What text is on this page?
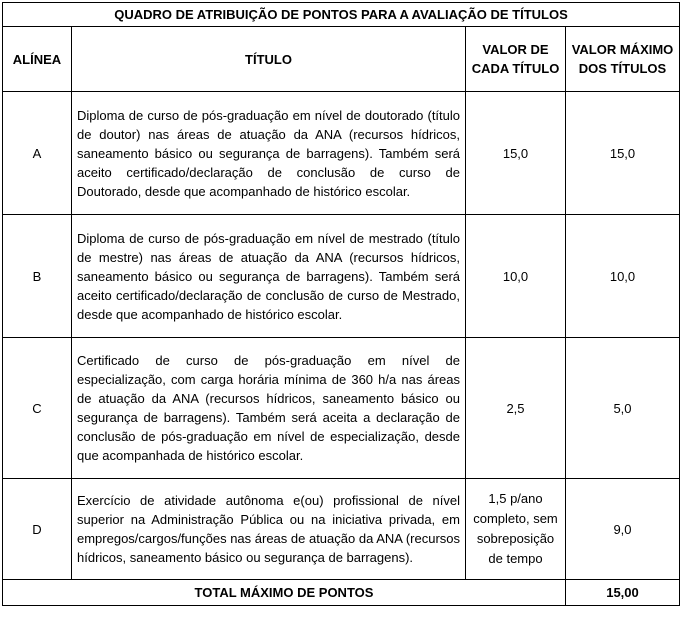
QUADRO DE ATRIBUIÇÃO DE PONTOS PARA A AVALIAÇÃO DE TÍTULOS			
ALÍNEA	TÍTULO	VALOR DE CADA TÍTULO	VALOR MÁXIMO DOS TÍTULOS
A	Diploma de curso de pós-graduação em nível de doutorado (título de doutor) nas áreas de atuação da ANA (recursos hídricos, saneamento básico ou segurança de barragens). Também será aceito certificado/declaração de conclusão de curso de Doutorado, desde que acompanhado de histórico escolar.	15,0	15,0
B	Diploma de curso de pós-graduação em nível de mestrado (título de mestre) nas áreas de atuação da ANA (recursos hídricos, saneamento básico ou segurança de barragens). Também será aceito certificado/declaração de conclusão de curso de Mestrado, desde que acompanhado de histórico escolar.	10,0	10,0
C	Certificado de curso de pós-graduação em nível de especialização, com carga horária mínima de 360 h/a nas áreas de atuação da ANA (recursos hídricos, saneamento básico ou segurança de barragens). Também será aceita a declaração de conclusão de pós-graduação em nível de especialização, desde que acompanhada de histórico escolar.	2,5	5,0
D	Exercício de atividade autônoma e(ou) profissional de nível superior na Administração Pública ou na iniciativa privada, em empregos/cargos/funções nas áreas de atuação da ANA (recursos hídricos, saneamento básico ou segurança de barragens).	1,5 p/ano completo, sem sobreposição de tempo	9,0
TOTAL MÁXIMO DE PONTOS			15,00
